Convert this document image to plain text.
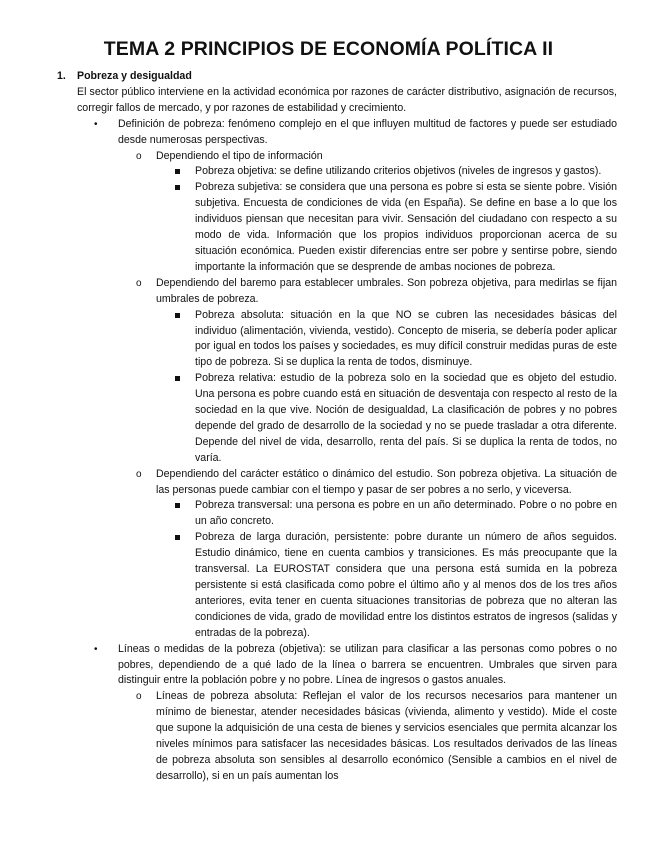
TEMA 2 PRINCIPIOS DE ECONOMÍA POLÍTICA II
1. Pobreza y desigualdad
El sector público interviene en la actividad económica por razones de carácter distributivo, asignación de recursos, corregir fallos de mercado, y por razones de estabilidad y crecimiento.
• Definición de pobreza: fenómeno complejo en el que influyen multitud de factores y puede ser estudiado desde numerosas perspectivas.
o Dependiendo el tipo de información
Pobreza objetiva: se define utilizando criterios objetivos (niveles de ingresos y gastos).
Pobreza subjetiva: se considera que una persona es pobre si esta se siente pobre. Visión subjetiva. Encuesta de condiciones de vida (en España). Se define en base a lo que los individuos piensan que necesitan para vivir. Sensación del ciudadano con respecto a su modo de vida. Información que los propios individuos proporcionan acerca de su situación económica. Pueden existir diferencias entre ser pobre y sentirse pobre, siendo importante la información que se desprende de ambas nociones de pobreza.
o Dependiendo del baremo para establecer umbrales. Son pobreza objetiva, para medirlas se fijan umbrales de pobreza.
Pobreza absoluta: situación en la que NO se cubren las necesidades básicas del individuo (alimentación, vivienda, vestido). Concepto de miseria, se debería poder aplicar por igual en todos los países y sociedades, es muy difícil construir medidas puras de este tipo de pobreza. Si se duplica la renta de todos, disminuye.
Pobreza relativa: estudio de la pobreza solo en la sociedad que es objeto del estudio. Una persona es pobre cuando está en situación de desventaja con respecto al resto de la sociedad en la que vive. Noción de desigualdad, La clasificación de pobres y no pobres depende del grado de desarrollo de la sociedad y no se puede trasladar a otra diferente. Depende del nivel de vida, desarrollo, renta del país. Si se duplica la renta de todos, no varía.
o Dependiendo del carácter estático o dinámico del estudio. Son pobreza objetiva. La situación de las personas puede cambiar con el tiempo y pasar de ser pobres a no serlo, y viceversa.
Pobreza transversal: una persona es pobre en un año determinado. Pobre o no pobre en un año concreto.
Pobreza de larga duración, persistente: pobre durante un número de años seguidos. Estudio dinámico, tiene en cuenta cambios y transiciones. Es más preocupante que la transversal. La EUROSTAT considera que una persona está sumida en la pobreza persistente si está clasificada como pobre el último año y al menos dos de los tres años anteriores, evita tener en cuenta situaciones transitorias de pobreza que no alteran las condiciones de vida, grado de movilidad entre los distintos estratos de ingresos (salidas y entradas de la pobreza).
• Líneas o medidas de la pobreza (objetiva): se utilizan para clasificar a las personas como pobres o no pobres, dependiendo de a qué lado de la línea o barrera se encuentren. Umbrales que sirven para distinguir entre la población pobre y no pobre. Línea de ingresos o gastos anuales.
o Líneas de pobreza absoluta: Reflejan el valor de los recursos necesarios para mantener un mínimo de bienestar, atender necesidades básicas (vivienda, alimento y vestido). Mide el coste que supone la adquisición de una cesta de bienes y servicios esenciales que permita alcanzar los niveles mínimos para satisfacer las necesidades básicas. Los resultados derivados de las líneas de pobreza absoluta son sensibles al desarrollo económico (Sensible a cambios en el nivel de desarrollo), si en un país aumentan los
